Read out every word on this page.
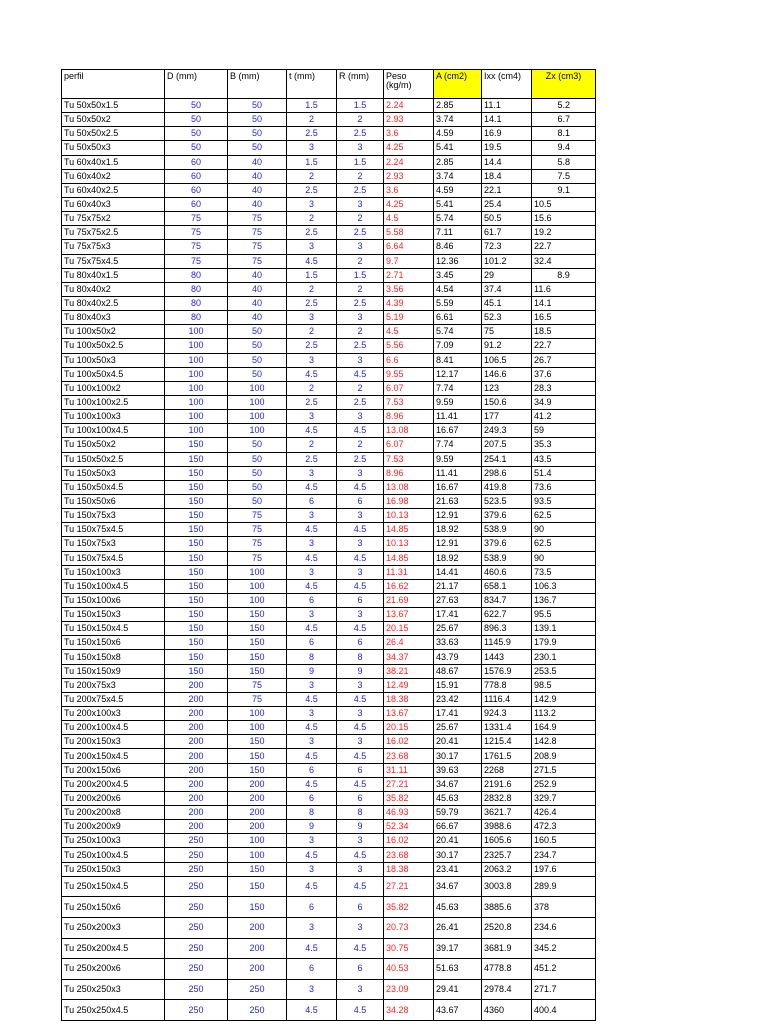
perfil	D (mm)	B (mm)	t (mm)	R (mm)	Peso (kg/m)	A (cm2)	Ixx (cm4)	Zx (cm3)
Tu 50x50x1.5	50	50	1.5	1.5	2.24	2.85	11.1	5.2
Tu 50x50x2	50	50	2	2	2.93	3.74	14.1	6.7
Tu 50x50x2.5	50	50	2.5	2.5	3.6	4.59	16.9	8.1
Tu 50x50x3	50	50	3	3	4.25	5.41	19.5	9.4
Tu 60x40x1.5	60	40	1.5	1.5	2.24	2.85	14.4	5.8
Tu 60x40x2	60	40	2	2	2.93	3.74	18.4	7.5
Tu 60x40x2.5	60	40	2.5	2.5	3.6	4.59	22.1	9.1
Tu 60x40x3	60	40	3	3	4.25	5.41	25.4	10.5
Tu 75x75x2	75	75	2	2	4.5	5.74	50.5	15.6
Tu 75x75x2.5	75	75	2.5	2.5	5.58	7.11	61.7	19.2
Tu 75x75x3	75	75	3	3	6.64	8.46	72.3	22.7
Tu 75x75x4.5	75	75	4.5	2	9.7	12.36	101.2	32.4
Tu 80x40x1.5	80	40	1.5	1.5	2.71	3.45	29	8.9
Tu 80x40x2	80	40	2	2	3.56	4.54	37.4	11.6
Tu 80x40x2.5	80	40	2.5	2.5	4.39	5.59	45.1	14.1
Tu 80x40x3	80	40	3	3	5.19	6.61	52.3	16.5
Tu 100x50x2	100	50	2	2	4.5	5.74	75	18.5
Tu 100x50x2.5	100	50	2.5	2.5	5.56	7.09	91.2	22.7
Tu 100x50x3	100	50	3	3	6.6	8.41	106.5	26.7
Tu 100x50x4.5	100	50	4.5	4.5	9.55	12.17	146.6	37.6
Tu 100x100x2	100	100	2	2	6.07	7.74	123	28.3
Tu 100x100x2.5	100	100	2.5	2.5	7.53	9.59	150.6	34.9
Tu 100x100x3	100	100	3	3	8.96	11.41	177	41.2
Tu 100x100x4.5	100	100	4.5	4.5	13.08	16.67	249.3	59
Tu 150x50x2	150	50	2	2	6.07	7.74	207.5	35.3
Tu 150x50x2.5	150	50	2.5	2.5	7.53	9.59	254.1	43.5
Tu 150x50x3	150	50	3	3	8.96	11.41	298.6	51.4
Tu 150x50x4.5	150	50	4.5	4.5	13.08	16.67	419.8	73.6
Tu 150x50x6	150	50	6	6	16.98	21.63	523.5	93.5
Tu 150x75x3	150	75	3	3	10.13	12.91	379.6	62.5
Tu 150x75x4.5	150	75	4.5	4.5	14.85	18.92	538.9	90
Tu 150x75x3	150	75	3	3	10.13	12.91	379.6	62.5
Tu 150x75x4.5	150	75	4.5	4.5	14.85	18.92	538.9	90
Tu 150x100x3	150	100	3	3	11.31	14.41	460.6	73.5
Tu 150x100x4.5	150	100	4.5	4.5	16.62	21.17	658.1	106.3
Tu 150x100x6	150	100	6	6	21.69	27.63	834.7	136.7
Tu 150x150x3	150	150	3	3	13.67	17.41	622.7	95.5
Tu 150x150x4.5	150	150	4.5	4.5	20.15	25.67	896.3	139.1
Tu 150x150x6	150	150	6	6	26.4	33.63	1145.9	179.9
Tu 150x150x8	150	150	8	8	34.37	43.79	1443	230.1
Tu 150x150x9	150	150	9	9	38.21	48.67	1576.9	253.5
Tu 200x75x3	200	75	3	3	12.49	15.91	778.8	98.5
Tu 200x75x4.5	200	75	4.5	4.5	18.38	23.42	1116.4	142.9
Tu 200x100x3	200	100	3	3	13.67	17.41	924.3	113.2
Tu 200x100x4.5	200	100	4.5	4.5	20.15	25.67	1331.4	164.9
Tu 200x150x3	200	150	3	3	16.02	20.41	1215.4	142.8
Tu 200x150x4.5	200	150	4.5	4.5	23.68	30.17	1761.5	208.9
Tu 200x150x6	200	150	6	6	31.11	39.63	2268	271.5
Tu 200x200x4.5	200	200	4.5	4.5	27.21	34.67	2191.6	252.9
Tu 200x200x6	200	200	6	6	35.82	45.63	2832.8	329.7
Tu 200x200x8	200	200	8	8	46.93	59.79	3621.7	426.4
Tu 200x200x9	200	200	9	9	52.34	66.67	3988.6	472.3
Tu 250x100x3	250	100	3	3	16.02	20.41	1605.6	160.5
Tu 250x100x4.5	250	100	4.5	4.5	23.68	30.17	2325.7	234.7
Tu 250x150x3	250	150	3	3	18.38	23.41	2063.2	197.6
Tu 250x150x4.5	250	150	4.5	4.5	27.21	34.67	3003.8	289.9
Tu 250x150x6	250	150	6	6	35.82	45.63	3885.6	378
Tu 250x200x3	250	200	3	3	20.73	26.41	2520.8	234.6
Tu 250x200x4.5	250	200	4.5	4.5	30.75	39.17	3681.9	345.2
Tu 250x200x6	250	200	6	6	40.53	51.63	4778.8	451.2
Tu 250x250x3	250	250	3	3	23.09	29.41	2978.4	271.7
Tu 250x250x4.5	250	250	4.5	4.5	34.28	43.67	4360	400.4
